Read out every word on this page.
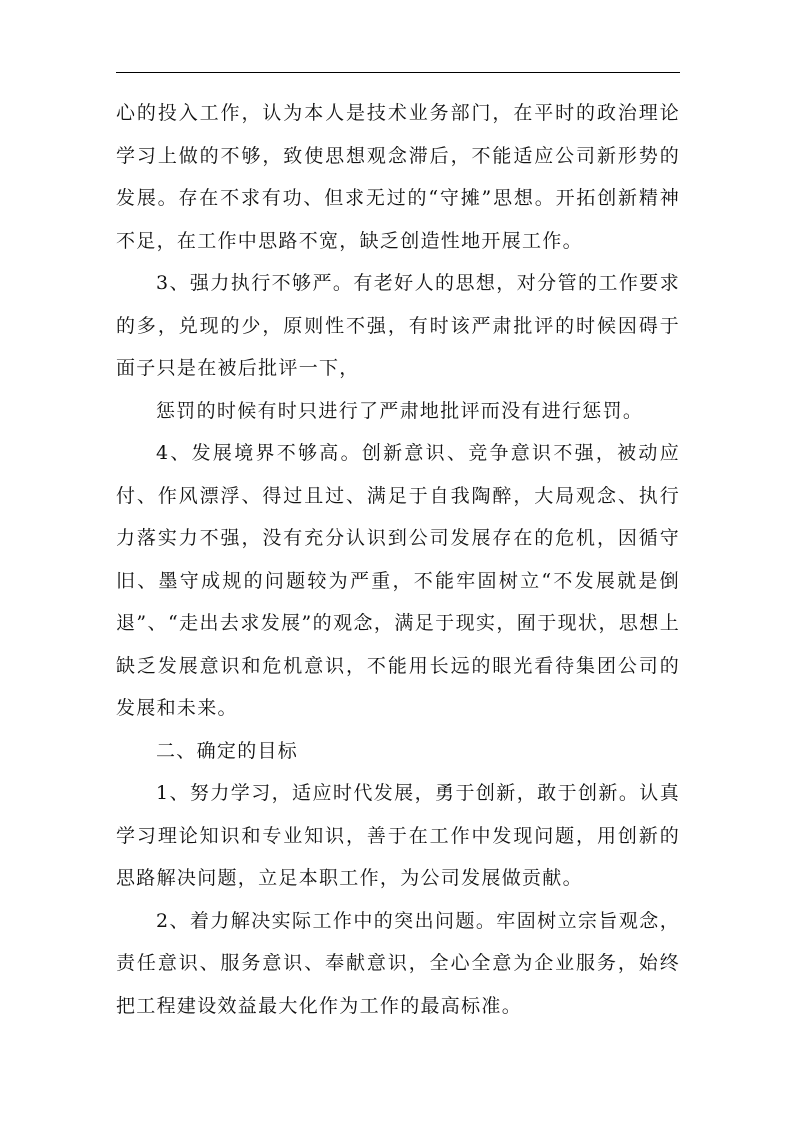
心的投入工作，认为本人是技术业务部门，在平时的政治理论学习上做的不够，致使思想观念滞后，不能适应公司新形势的发展。存在不求有功、但求无过的“守摊”思想。开拓创新精神不足，在工作中思路不宽，缺乏创造性地开展工作。

3、强力执行不够严。有老好人的思想，对分管的工作要求的多，兑现的少，原则性不强，有时该严肃批评的时候因碍于面子只是在被后批评一下，

惩罚的时候有时只进行了严肃地批评而没有进行惩罚。

4、发展境界不够高。创新意识、竞争意识不强，被动应付、作风漂浮、得过且过、满足于自我陶醉，大局观念、执行力落实力不强，没有充分认识到公司发展存在的危机，因循守旧、墨守成规的问题较为严重，不能牢固树立“不发展就是倒退”、“走出去求发展”的观念，满足于现实，囿于现状，思想上缺乏发展意识和危机意识，不能用长远的眼光看待集团公司的发展和未来。

二、确定的目标

1、努力学习，适应时代发展，勇于创新，敢于创新。认真学习理论知识和专业知识，善于在工作中发现问题，用创新的思路解决问题，立足本职工作，为公司发展做贡献。

2、着力解决实际工作中的突出问题。牢固树立宗旨观念，责任意识、服务意识、奉献意识，全心全意为企业服务，始终把工程建设效益最大化作为工作的最高标准。
